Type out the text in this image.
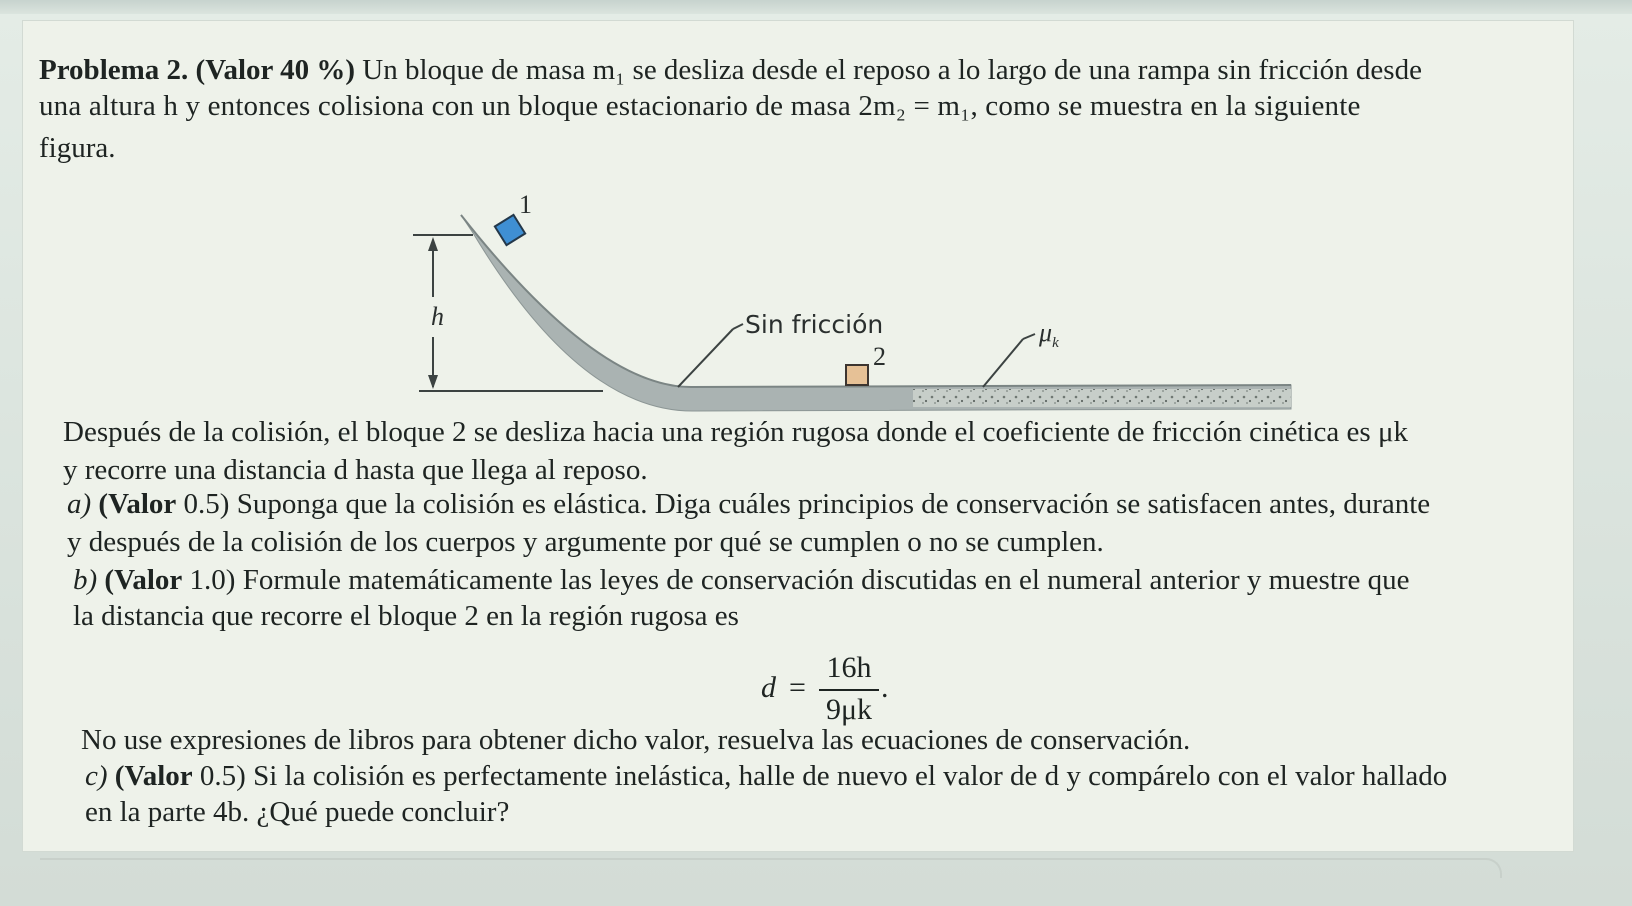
Problema 2. (Valor 40 %) Un bloque de masa m₁ se desliza desde el reposo a lo largo de una rampa sin fricción desde

una altura h y entonces colisiona con un bloque estacionario de masa 2m₂ = m₁, como se muestra en la siguiente

figura.

1
h	Sin fricción
2
$\mu_k$

Después de la colisión, el bloque 2 se desliza hacia una región rugosa donde el coeficiente de fricción cinética es μk

y recorre una distancia d hasta que llega al reposo.

a) (Valor 0.5) Suponga que la colisión es elástica. Diga cuáles principios de conservación se satisfacen antes, durante

y después de la colisión de los cuerpos y argumente por qué se cumplen o no se cumplen.

b) (Valor 1.0) Formule matemáticamente las leyes de conservación discutidas en el numeral anterior y muestre que

la distancia que recorre el bloque 2 en la región rugosa es

d =
16h
9μk
.

No use expresiones de libros para obtener dicho valor, resuelva las ecuaciones de conservación.

c) (Valor 0.5) Si la colisión es perfectamente inelástica, halle de nuevo el valor de d y compárelo con el valor hallado

en la parte 4b. ¿Qué puede concluir?
